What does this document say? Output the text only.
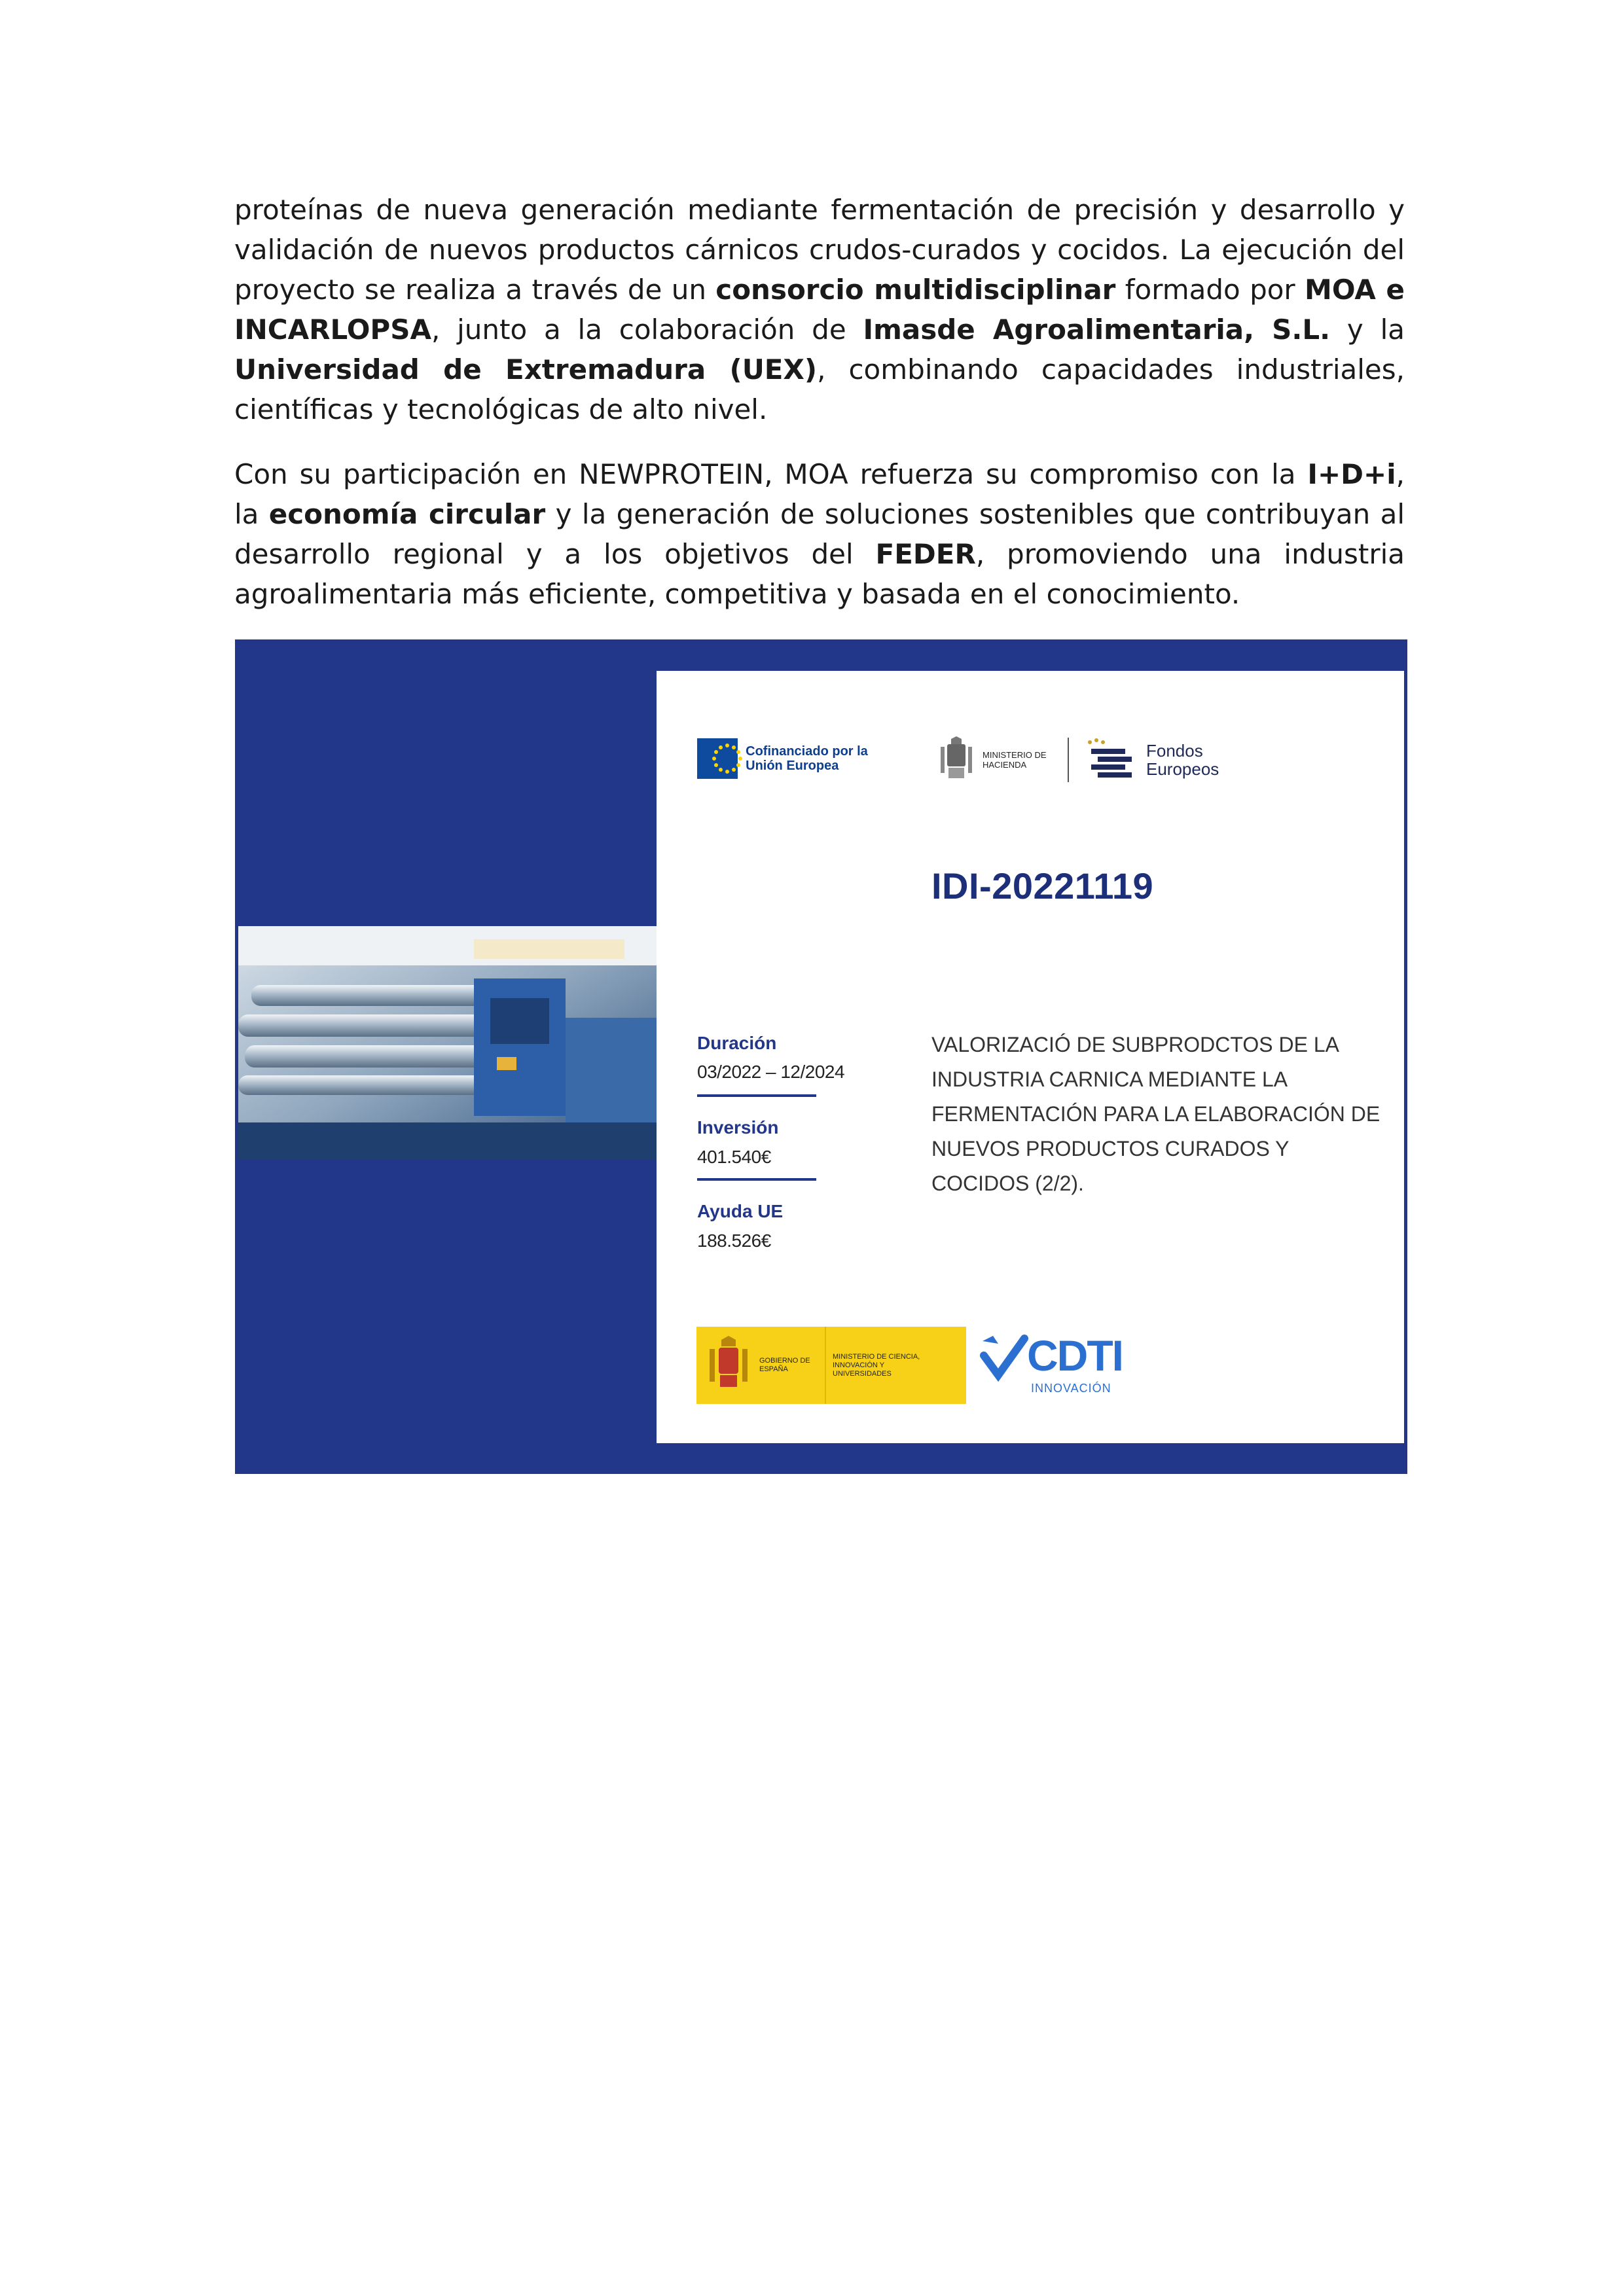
proteínas de nueva generación mediante fermentación de precisión y desarrollo y validación de nuevos productos cárnicos crudos-curados y cocidos. La ejecución del proyecto se realiza a través de un consorcio multidisciplinar formado por MOA e INCARLOPSA, junto a la colaboración de Imasde Agroalimentaria, S.L. y la Universidad de Extremadura (UEX), combinando capacidades industriales, científicas y tecnológicas de alto nivel.

Con su participación en NEWPROTEIN, MOA refuerza su compromiso con la I+D+i, la economía circular y la generación de soluciones sostenibles que contribuyan al desarrollo regional y a los objetivos del FEDER, promoviendo una industria agroalimentaria más eficiente, competitiva y basada en el conocimiento.

Cofinanciado por la Unión Europea
MINISTERIO DE HACIENDA
Fondos Europeos
IDI-20221119
Duración
03/2022 – 12/2024
Inversión
401.540€
Ayuda UE
188.526€
VALORIZACIÓ DE SUBPRODCTOS DE LA INDUSTRIA CARNICA MEDIANTE LA FERMENTACIÓN PARA LA ELABORACIÓN DE NUEVOS PRODUCTOS CURADOS Y COCIDOS (2/2).
GOBIERNO DE ESPAÑA
MINISTERIO DE CIENCIA, INNOVACIÓN Y UNIVERSIDADES	CDTI
INNOVACIÓN
